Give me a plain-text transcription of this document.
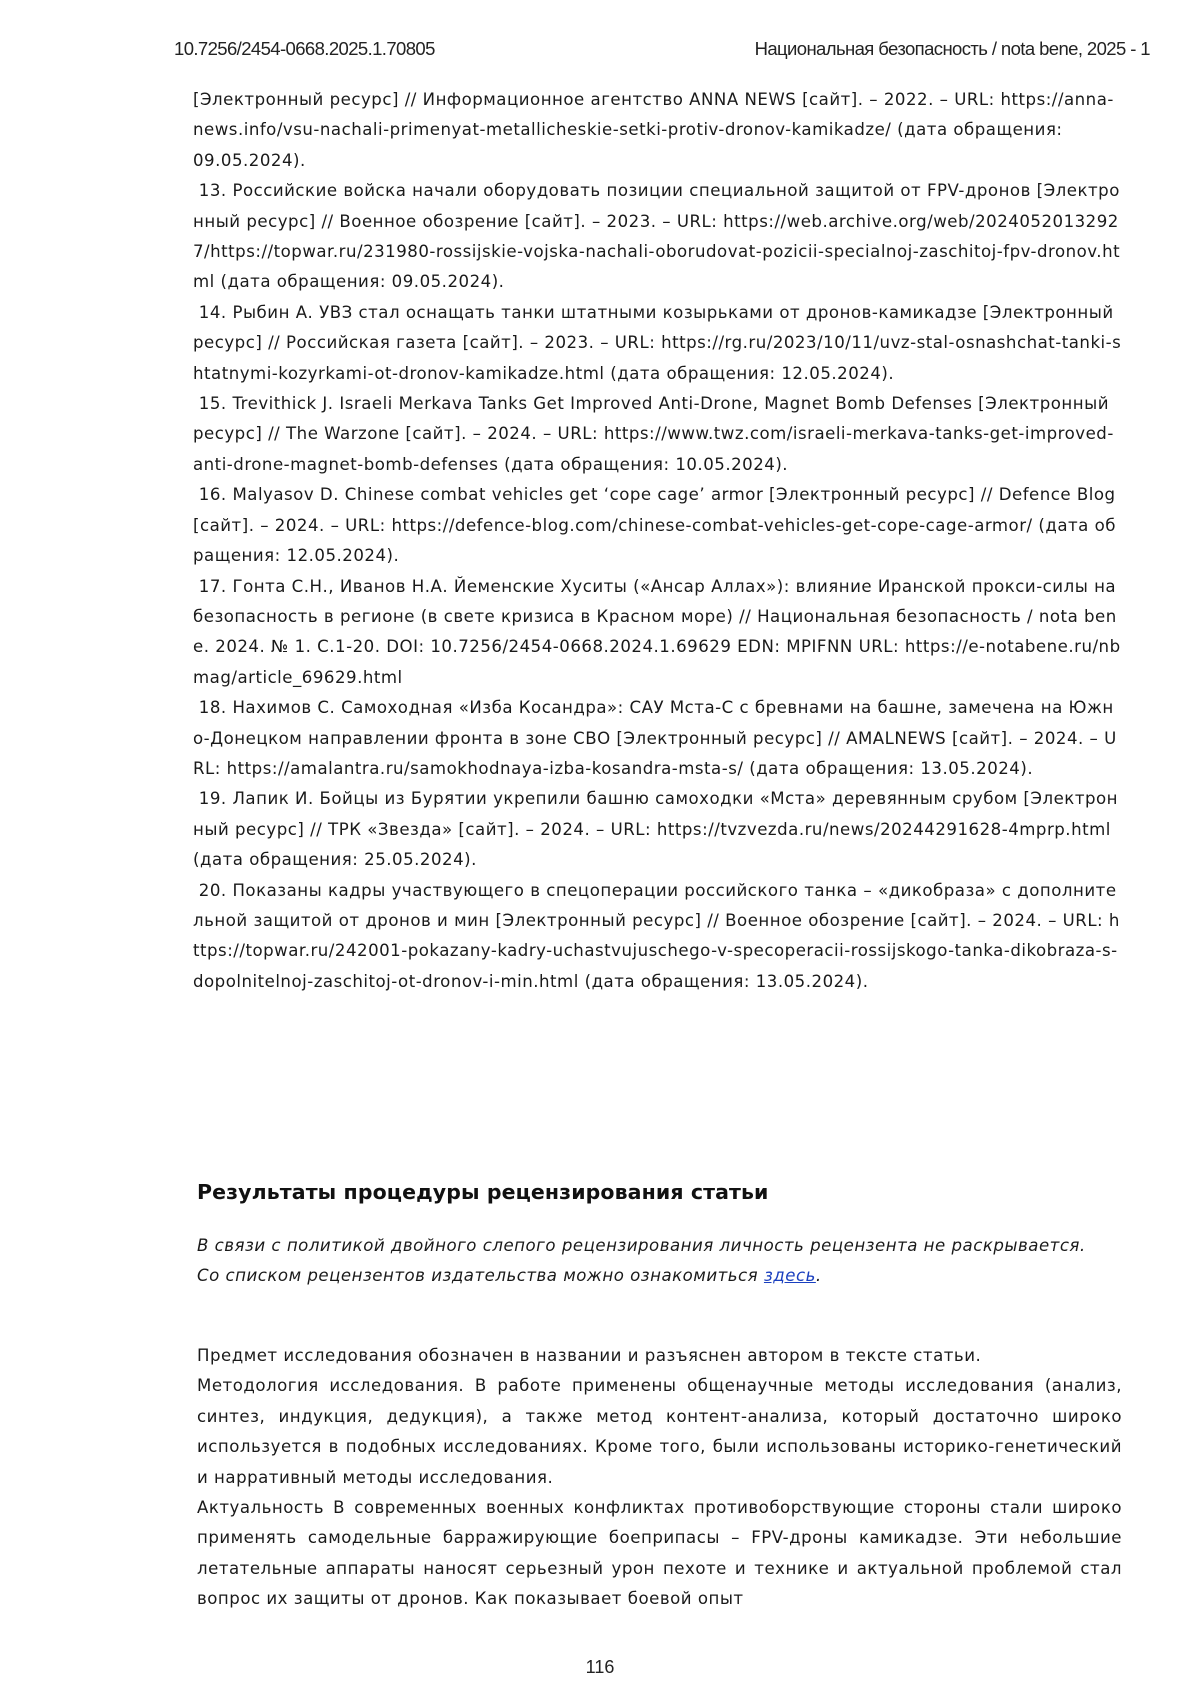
10.7256/2454-0668.2025.1.70805	Национальная безопасность / nota bene, 2025 - 1

[Электронный ресурс] // Информационное агентство ANNA NEWS [сайт]. – 2022. – URL: https://anna-news.info/vsu-nachali-primenyat-metallicheskie-setki-protiv-dronov-kamikadze/ (дата обращения: 09.05.2024).

13. Российские войска начали оборудовать позиции специальной защитой от FPV-дронов [Электронный ресурс] // Военное обозрение [сайт]. – 2023. – URL: https://web.archive.org/web/20240520132927/https://topwar.ru/231980-rossijskie-vojska-nachali-oborudovat-pozicii-specialnoj-zaschitoj-fpv-dronov.html (дата обращения: 09.05.2024).

14. Рыбин А. УВЗ стал оснащать танки штатными козырьками от дронов-камикадзе [Электронный ресурс] // Российская газета [сайт]. – 2023. – URL: https://rg.ru/2023/10/11/uvz-stal-osnashchat-tanki-shtatnymi-kozyrkami-ot-dronov-kamikadze.html (дата обращения: 12.05.2024).

15. Trevithick J. Israeli Merkava Tanks Get Improved Anti-Drone, Magnet Bomb Defenses [Электронный ресурс] // The Warzone [сайт]. – 2024. – URL: https://www.twz.com/israeli-merkava-tanks-get-improved-anti-drone-magnet-bomb-defenses (дата обращения: 10.05.2024).

16. Malyasov D. Chinese combat vehicles get ‘cope cage’ armor [Электронный ресурс] // Defence Blog [сайт]. – 2024. – URL: https://defence-blog.com/chinese-combat-vehicles-get-cope-cage-armor/ (дата обращения: 12.05.2024).

17. Гонта С.Н., Иванов Н.А. Йеменские Хуситы («Ансар Аллах»): влияние Иранской прокси-силы на безопасность в регионе (в свете кризиса в Красном море) // Национальная безопасность / nota bene. 2024. № 1. С.1-20. DOI: 10.7256/2454-0668.2024.1.69629 EDN: MPIFNN URL: https://e-notabene.ru/nbmag/article_69629.html

18. Нахимов С. Самоходная «Изба Косандра»: САУ Мста-С с бревнами на башне, замечена на Южно-Донецком направлении фронта в зоне СВО [Электронный ресурс] // AMALNEWS [сайт]. – 2024. – URL: https://amalantra.ru/samokhodnaya-izba-kosandra-msta-s/ (дата обращения: 13.05.2024).

19. Лапик И. Бойцы из Бурятии укрепили башню самоходки «Мста» деревянным срубом [Электронный ресурс] // ТРК «Звезда» [сайт]. – 2024. – URL: https://tvzvezda.ru/news/20244291628-4mprp.html (дата обращения: 25.05.2024).

20. Показаны кадры участвующего в спецоперации российского танка – «дикобраза» с дополнительной защитой от дронов и мин [Электронный ресурс] // Военное обозрение [сайт]. – 2024. – URL: https://topwar.ru/242001-pokazany-kadry-uchastvujuschego-v-specoperacii-rossijskogo-tanka-dikobraza-s-dopolnitelnoj-zaschitoj-ot-dronov-i-min.html (дата обращения: 13.05.2024).

Результаты процедуры рецензирования статьи

В связи с политикой двойного слепого рецензирования личность рецензента не раскрывается.

Со списком рецензентов издательства можно ознакомиться здесь.

Предмет исследования обозначен в названии и разъяснен автором в тексте статьи.

Методология исследования. В работе применены общенаучные методы исследования (анализ, синтез, индукция, дедукция), а также метод контент-анализа, который достаточно широко используется в подобных исследованиях. Кроме того, были использованы историко-генетический и нарративный методы исследования.

Актуальность В современных военных конфликтах противоборствующие стороны стали широко применять самодельные барражирующие боеприпасы – FPV-дроны камикадзе. Эти небольшие летательные аппараты наносят серьезный урон пехоте и технике и актуальной проблемой стал вопрос их защиты от дронов. Как показывает боевой опыт

116
